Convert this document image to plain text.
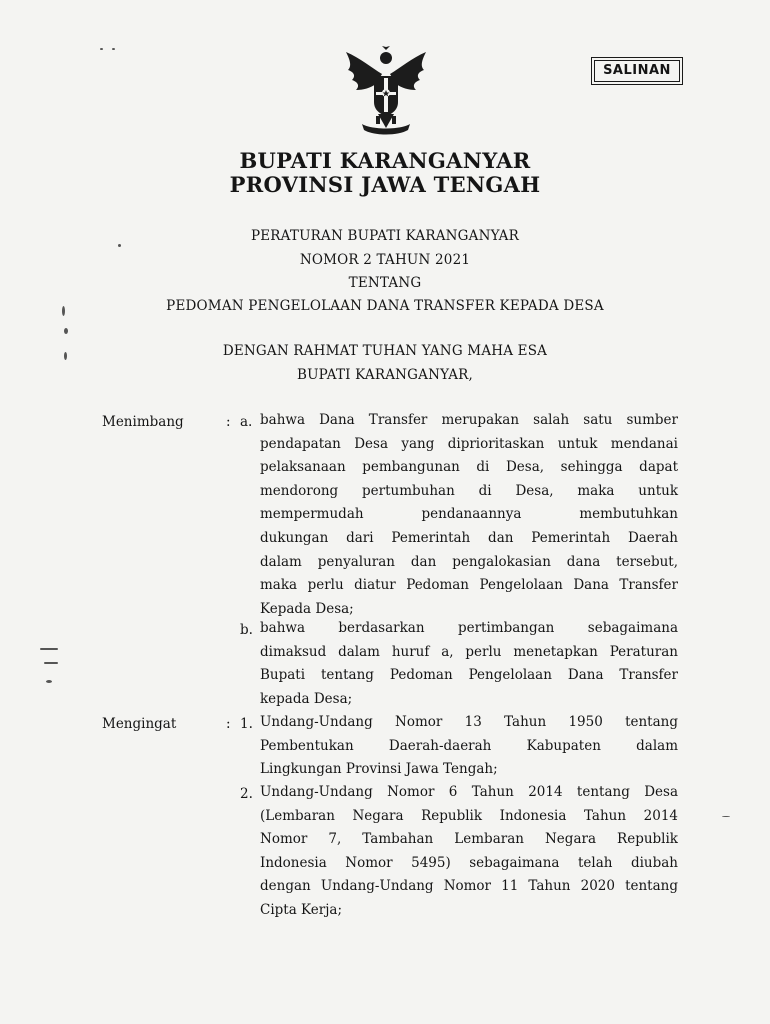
SALINAN
BUPATI KARANGANYAR
PROVINSI JAWA TENGAH
PERATURAN BUPATI KARANGANYAR
NOMOR 2 TAHUN 2021
TENTANG
PEDOMAN PENGELOLAAN DANA TRANSFER KEPADA DESA
DENGAN RAHMAT TUHAN YANG MAHA ESA
BUPATI KARANGANYAR,
Menimbang	: a. bahwa Dana Transfer merupakan salah satu sumber
pendapatan Desa yang diprioritaskan untuk mendanai
pelaksanaan pembangunan di Desa, sehingga dapat
mendorong pertumbuhan di Desa, maka untuk
mempermudah pendanaannya membutuhkan
dukungan dari Pemerintah dan Pemerintah Daerah
dalam penyaluran dan pengalokasian dana tersebut,
maka perlu diatur Pedoman Pengelolaan Dana Transfer
Kepada Desa;
b. bahwa berdasarkan pertimbangan sebagaimana
dimaksud dalam huruf a, perlu menetapkan Peraturan
Bupati tentang Pedoman Pengelolaan Dana Transfer
kepada Desa;
Mengingat	: 1. Undang-Undang Nomor 13 Tahun 1950 tentang
Pembentukan Daerah-daerah Kabupaten dalam
Lingkungan Provinsi Jawa Tengah;
2. Undang-Undang Nomor 6 Tahun 2014 tentang Desa
(Lembaran Negara Republik Indonesia Tahun 2014
Nomor 7, Tambahan Lembaran Negara Republik
Indonesia Nomor 5495) sebagaimana telah diubah
dengan Undang-Undang Nomor 11 Tahun 2020 tentang
Cipta Kerja;
